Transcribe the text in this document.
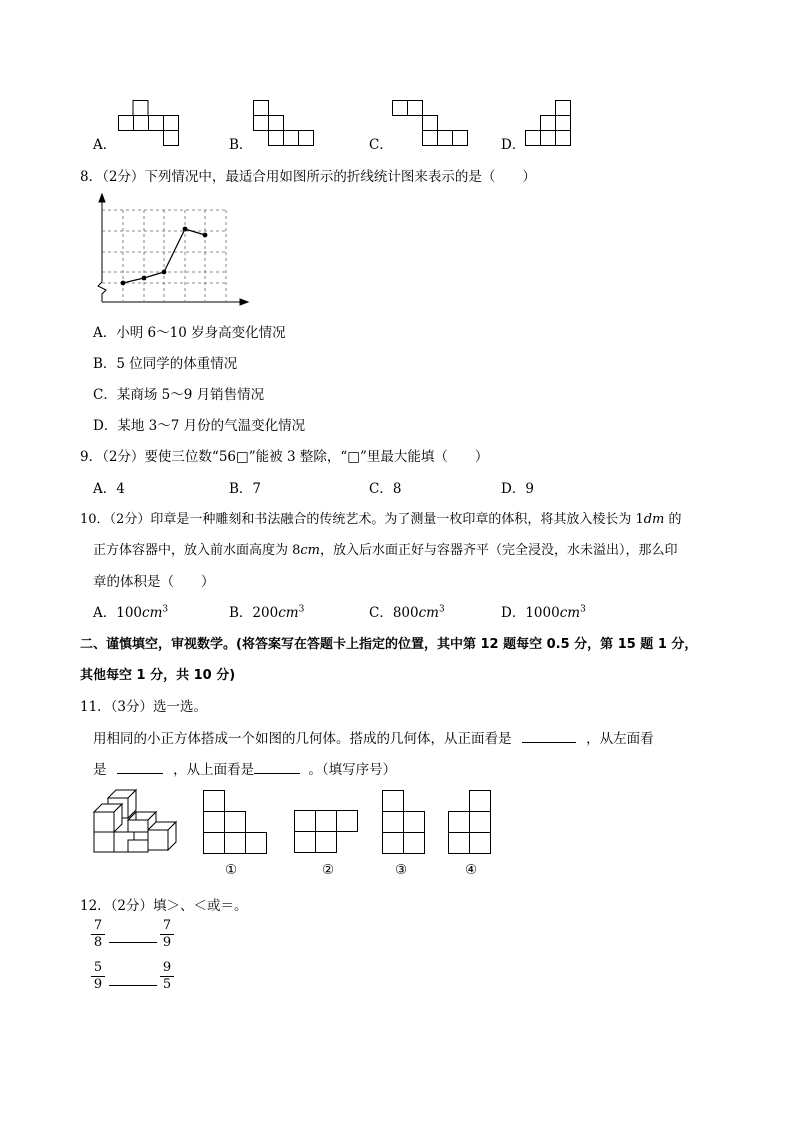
A．	B．	C．	D．
8．（2分）下列情况中，最适合用如图所示的折线统计图来表示的是（　　）
A．小明 6～10 岁身高变化情况
B．5 位同学的体重情况
C．某商场 5～9 月销售情况
D．某地 3～7 月份的气温变化情况
9．（2分）要使三位数“56□”能被 3 整除，“□”里最大能填（　　）
A．4	B．7	C．8	D．9
10．（2分）印章是一种雕刻和书法融合的传统艺术。为了测量一枚印章的体积，将其放入棱长为 1dm 的
正方体容器中，放入前水面高度为 8cm，放入后水面正好与容器齐平（完全浸没，水未溢出），那么印
章的体积是（　　）
A．$100cm^3$	B．$200cm^3$	C．$800cm^3$	D．$1000cm^3$
二、谨慎填空，审视数学。(将答案写在答题卡上指定的位置，其中第 12 题每空 0.5 分，第 15 题 1 分，
其他每空 1 分，共 10 分)
11．（3分）选一选。
用相同的小正方体搭成一个如图的几何体。搭成的几何体，从正面看是	，从左面看
是	，从上面看是	。（填写序号）
①	②	③	④
12．（2分）填＞、＜或＝。
$\frac{7}{8}$	$\frac{7}{9}$
$\frac{5}{9}$	$\frac{9}{5}$
